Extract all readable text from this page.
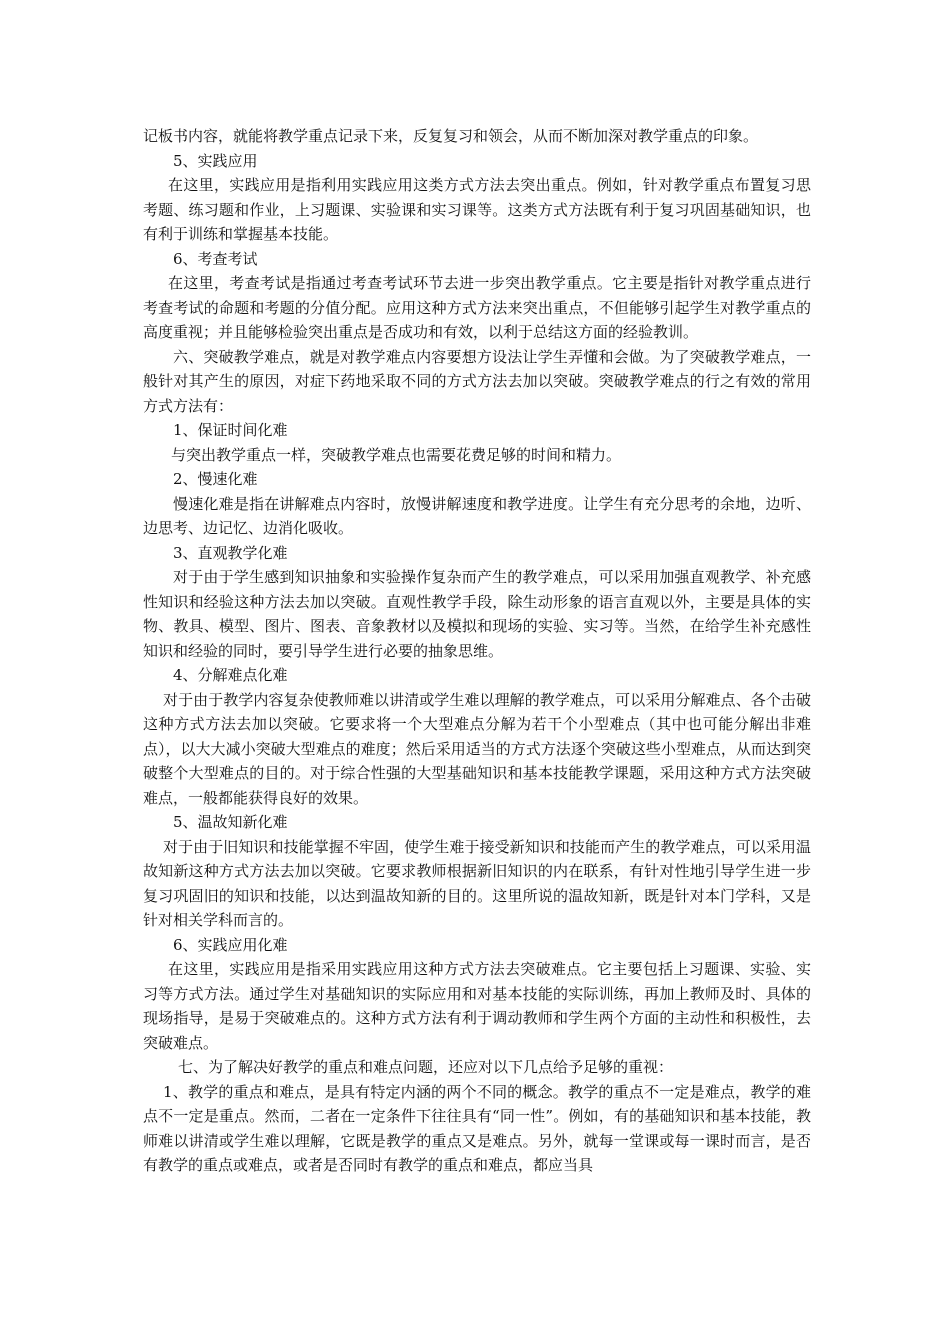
记板书内容，就能将教学重点记录下来，反复复习和领会，从而不断加深对教学重点的印象。

5、实践应用

在这里，实践应用是指利用实践应用这类方式方法去突出重点。例如，针对教学重点布置复习思考题、练习题和作业，上习题课、实验课和实习课等。这类方式方法既有利于复习巩固基础知识，也有利于训练和掌握基本技能。

6、考查考试

在这里，考查考试是指通过考查考试环节去进一步突出教学重点。它主要是指针对教学重点进行考查考试的命题和考题的分值分配。应用这种方式方法来突出重点，不但能够引起学生对教学重点的高度重视；并且能够检验突出重点是否成功和有效，以利于总结这方面的经验教训。

六、突破教学难点，就是对教学难点内容要想方设法让学生弄懂和会做。为了突破教学难点，一般针对其产生的原因，对症下药地采取不同的方式方法去加以突破。突破教学难点的行之有效的常用方式方法有：

1、保证时间化难

与突出教学重点一样，突破教学难点也需要花费足够的时间和精力。

2、慢速化难

慢速化难是指在讲解难点内容时，放慢讲解速度和教学进度。让学生有充分思考的余地，边听、边思考、边记忆、边消化吸收。

3、直观教学化难

对于由于学生感到知识抽象和实验操作复杂而产生的教学难点，可以采用加强直观教学、补充感性知识和经验这种方法去加以突破。直观性教学手段，除生动形象的语言直观以外，主要是具体的实物、教具、模型、图片、图表、音象教材以及模拟和现场的实验、实习等。当然，在给学生补充感性知识和经验的同时，要引导学生进行必要的抽象思维。

4、分解难点化难

对于由于教学内容复杂使教师难以讲清或学生难以理解的教学难点，可以采用分解难点、各个击破这种方式方法去加以突破。它要求将一个大型难点分解为若干个小型难点（其中也可能分解出非难点），以大大减小突破大型难点的难度；然后采用适当的方式方法逐个突破这些小型难点，从而达到突破整个大型难点的目的。对于综合性强的大型基础知识和基本技能教学课题，采用这种方式方法突破难点，一般都能获得良好的效果。

5、温故知新化难

对于由于旧知识和技能掌握不牢固，使学生难于接受新知识和技能而产生的教学难点，可以采用温故知新这种方式方法去加以突破。它要求教师根据新旧知识的内在联系，有针对性地引导学生进一步复习巩固旧的知识和技能，以达到温故知新的目的。这里所说的温故知新，既是针对本门学科，又是针对相关学科而言的。

6、实践应用化难

在这里，实践应用是指采用实践应用这种方式方法去突破难点。它主要包括上习题课、实验、实习等方式方法。通过学生对基础知识的实际应用和对基本技能的实际训练，再加上教师及时、具体的现场指导，是易于突破难点的。这种方式方法有利于调动教师和学生两个方面的主动性和积极性，去突破难点。

七、为了解决好教学的重点和难点问题，还应对以下几点给予足够的重视：

1、教学的重点和难点，是具有特定内涵的两个不同的概念。教学的重点不一定是难点，教学的难点不一定是重点。然而，二者在一定条件下往往具有“同一性”。例如，有的基础知识和基本技能，教师难以讲清或学生难以理解，它既是教学的重点又是难点。另外，就每一堂课或每一课时而言，是否有教学的重点或难点，或者是否同时有教学的重点和难点，都应当具
